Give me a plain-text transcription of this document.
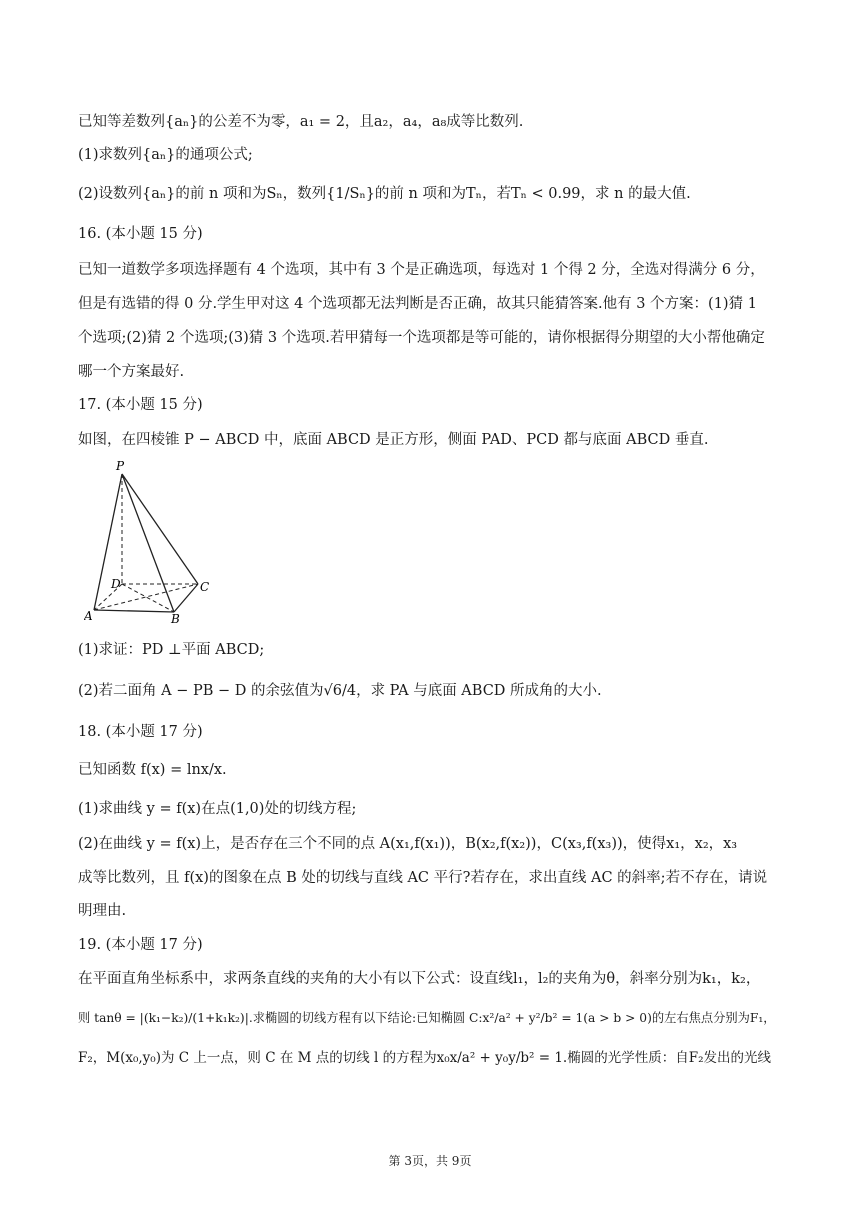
已知等差数列{aₙ}的公差不为零，a₁ = 2，且a₂，a₄，a₈成等比数列.
(1)求数列{aₙ}的通项公式;
(2)设数列{aₙ}的前 n 项和为Sₙ，数列{1/Sₙ}的前 n 项和为Tₙ，若Tₙ < 0.99，求 n 的最大值.
16. (本小题 15 分)
已知一道数学多项选择题有 4 个选项，其中有 3 个是正确选项，每选对 1 个得 2 分，全选对得满分 6 分，
但是有选错的得 0 分.学生甲对这 4 个选项都无法判断是否正确，故其只能猜答案.他有 3 个方案：(1)猜 1
个选项;(2)猜 2 个选项;(3)猜 3 个选项.若甲猜每一个选项都是等可能的，请你根据得分期望的大小帮他确定
哪一个方案最好.
17. (本小题 15 分)
如图，在四棱锥 P − ABCD 中，底面 ABCD 是正方形，侧面 PAD、PCD 都与底面 ABCD 垂直.
P
D	C
A	B
(1)求证：PD ⊥平面 ABCD;
(2)若二面角 A − PB − D 的余弦值为√6/4，求 PA 与底面 ABCD 所成角的大小.
18. (本小题 17 分)
已知函数 f(x) = lnx/x.
(1)求曲线 y = f(x)在点(1,0)处的切线方程;
(2)在曲线 y = f(x)上，是否存在三个不同的点 A(x₁,f(x₁))，B(x₂,f(x₂))，C(x₃,f(x₃))，使得x₁，x₂，x₃
成等比数列，且 f(x)的图象在点 B 处的切线与直线 AC 平行?若存在，求出直线 AC 的斜率;若不存在，请说
明理由.
19. (本小题 17 分)
在平面直角坐标系中，求两条直线的夹角的大小有以下公式：设直线l₁，l₂的夹角为θ，斜率分别为k₁，k₂，
则 tanθ = |(k₁−k₂)/(1+k₁k₂)|.求椭圆的切线方程有以下结论:已知椭圆 C:x²/a² + y²/b² = 1(a > b > 0)的左右焦点分别为F₁，
F₂，M(x₀,y₀)为 C 上一点，则 C 在 M 点的切线 l 的方程为x₀x/a² + y₀y/b² = 1.椭圆的光学性质：自F₂发出的光线
第 3页，共 9页
